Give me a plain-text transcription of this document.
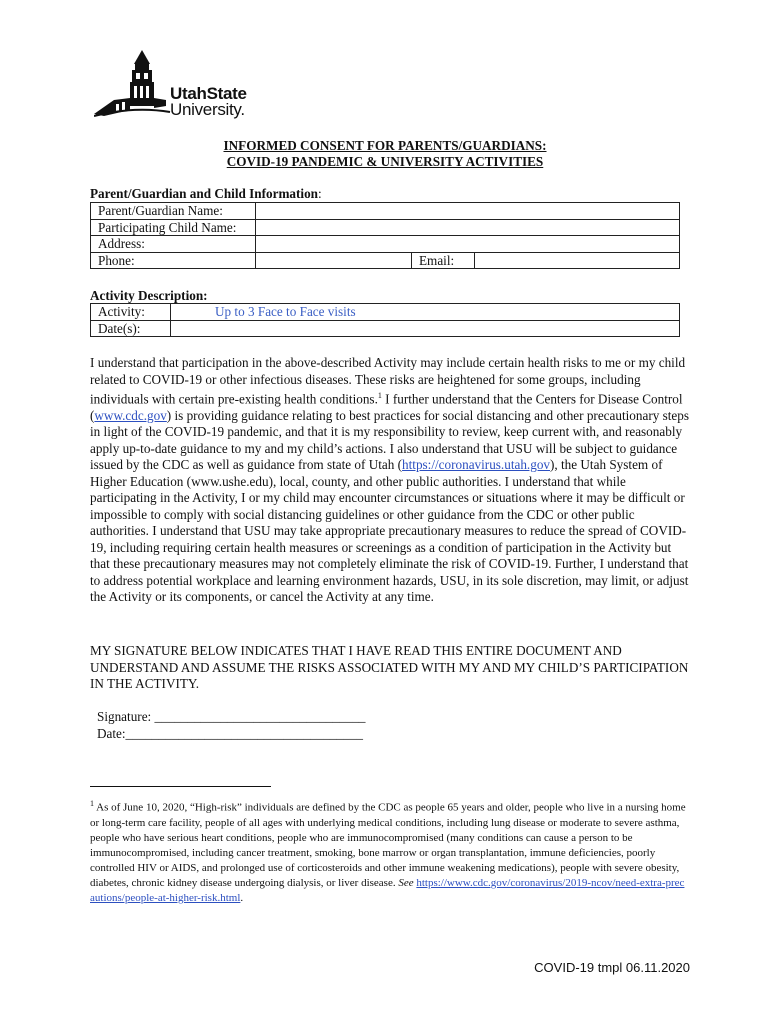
UtahState
University.
INFORMED CONSENT FOR PARENTS/GUARDIANS:
COVID-19 PANDEMIC & UNIVERSITY ACTIVITIES
Parent/Guardian and Child Information:
Parent/Guardian Name:			
Participating Child Name:			
Address:			
Phone:		Email:	
Activity Description:
Activity:	Up to 3 Face to Face visits
Date(s):	

I understand that participation in the above-described Activity may include certain health risks to me or my child related to COVID-19 or other infectious diseases. These risks are heightened for some groups, including individuals with certain pre-existing health conditions.$^1$ I further understand that the Centers for Disease Control (www.cdc.gov) is providing guidance relating to best practices for social distancing and other precautionary steps in light of the COVID-19 pandemic, and that it is my responsibility to review, keep current with, and reasonably apply up-to-date guidance to my and my child’s actions. I also understand that USU will be subject to guidance issued by the CDC as well as guidance from state of Utah (https://coronavirus.utah.gov), the Utah System of Higher Education (www.ushe.edu), local, county, and other public authorities. I understand that while participating in the Activity, I or my child may encounter circumstances or situations where it may be difficult or impossible to comply with social distancing guidelines or other guidance from the CDC or other public authorities. I understand that USU may take appropriate precautionary measures to reduce the spread of COVID-19, including requiring certain health measures or screenings as a condition of participation in the Activity but that these precautionary measures may not completely eliminate the risk of COVID-19. Further, I understand that to address potential workplace and learning environment hazards, USU, in its sole discretion, may limit, or adjust the Activity or its components, or cancel the Activity at any time.

MY SIGNATURE BELOW INDICATES THAT I HAVE READ THIS ENTIRE DOCUMENT AND UNDERSTAND AND ASSUME THE RISKS ASSOCIATED WITH MY AND MY CHILD’S PARTICIPATION IN THE ACTIVITY.
Signature: ________________________________
Date:____________________________________
$^1$ As of June 10, 2020, “High-risk” individuals are defined by the CDC as people 65 years and older, people who live in a nursing home or long-term care facility, people of all ages with underlying medical conditions, including lung disease or moderate to severe asthma, people who have serious heart conditions, people who are immunocompromised (many conditions can cause a person to be immunocompromised, including cancer treatment, smoking, bone marrow or organ transplantation, immune deficiencies, poorly controlled HIV or AIDS, and prolonged use of corticosteroids and other immune weakening medications), people with severe obesity, diabetes, chronic kidney disease undergoing dialysis, or liver disease. See https://www.cdc.gov/coronavirus/2019-ncov/need-extra-precautions/people-at-higher-risk.html.
COVID-19 tmpl 06.11.2020
